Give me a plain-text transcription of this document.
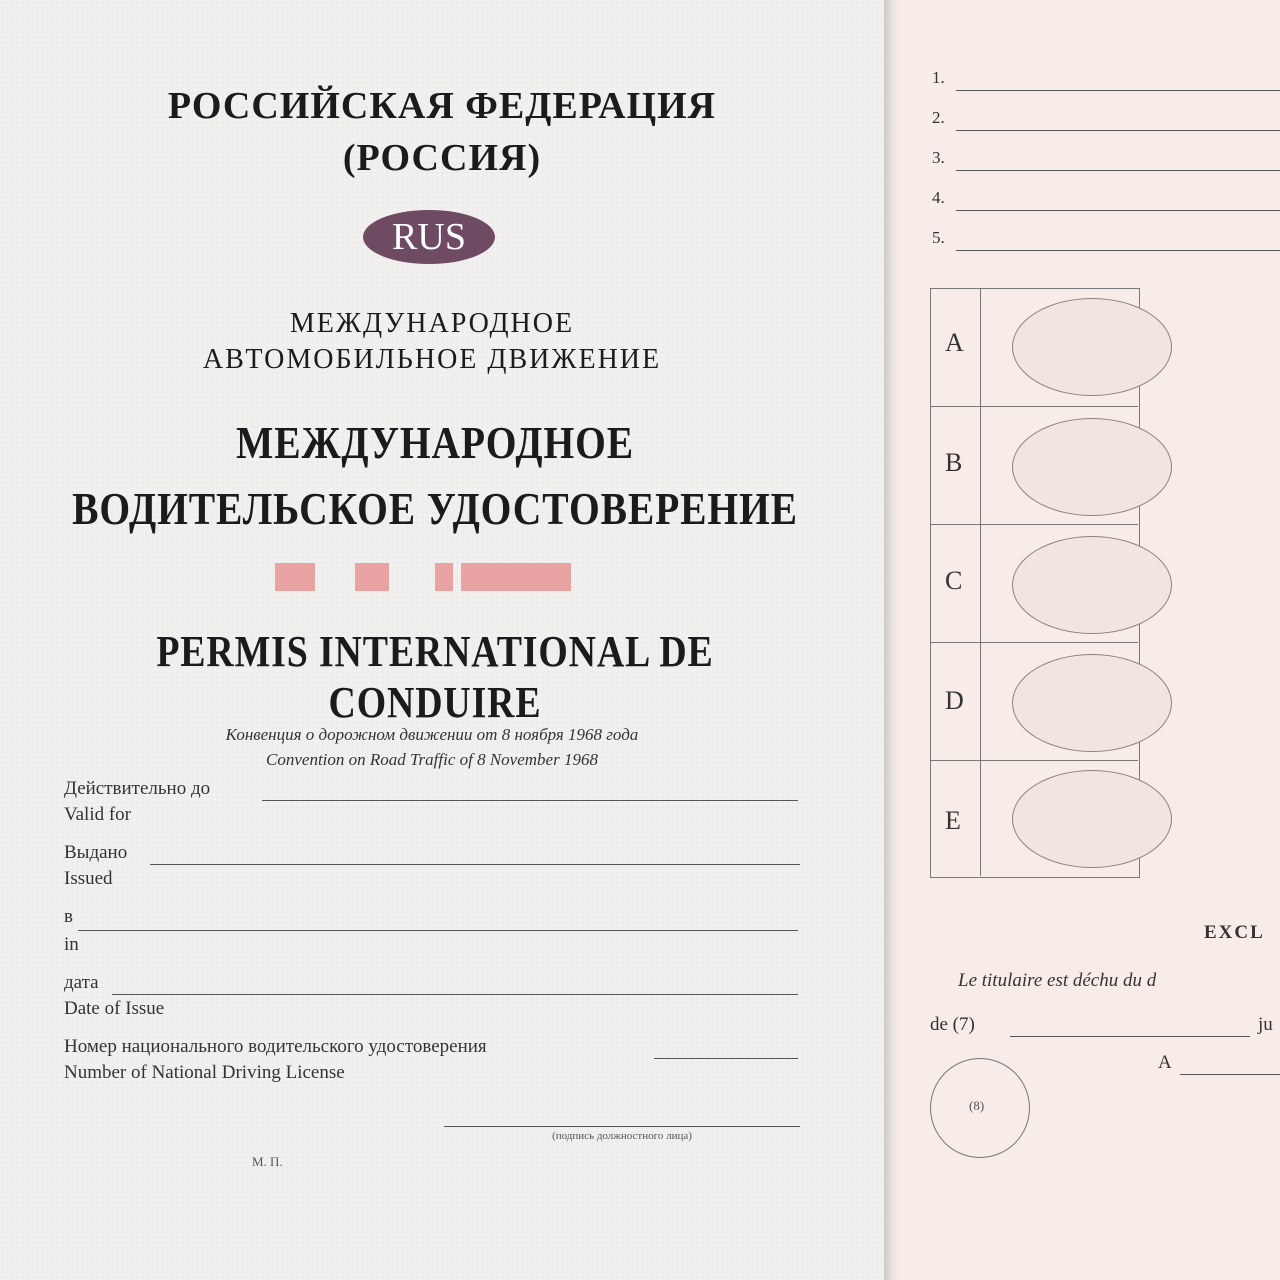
РОССИЙСКАЯ ФЕДЕРАЦИЯ
(РОССИЯ)
RUS
МЕЖДУНАРОДНОЕ
АВТОМОБИЛЬНОЕ ДВИЖЕНИЕ
МЕЖДУНАРОДНОЕ
ВОДИТЕЛЬСКОЕ УДОСТОВЕРЕНИЕ
PERMIS INTERNATIONAL DE CONDUIRE
Конвенция о дорожном движении от 8 ноября 1968 года
Convention on Road Traffic of 8 November 1968
Действительно до
Valid for
Выдано
Issued
в
in
дата
Date of Issue
Номер национального водительского удостоверения
Number of National Driving License
(подпись должностного лица)
М. П.
1.
2.
3.
4.
5.
A
B
C
D
E
EXCL
Le titulaire est déchu du d
de (7)	ju
A
(8)
